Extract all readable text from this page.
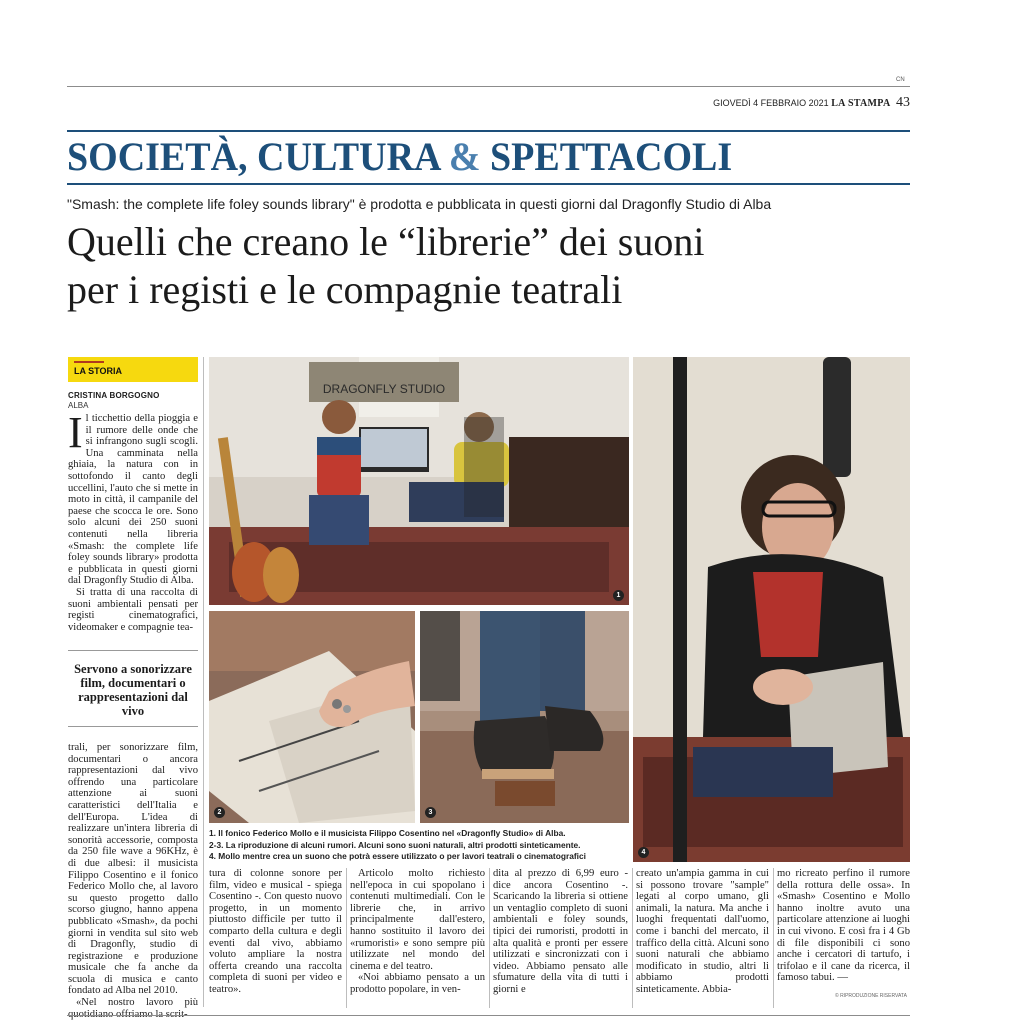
CN
GIOVEDÌ 4 FEBBRAIO 2021 LA STAMPA 43
SOCIETÀ, CULTURA & SPETTACOLI
"Smash: the complete life foley sounds library" è prodotta e pubblicata in questi giorni dal Dragonfly Studio di Alba
Quelli che creano le “librerie” dei suoni
per i registi e le compagnie teatrali
LA STORIA
CRISTINA BORGOGNO
ALBA
I l ticchettio della pioggia e il rumore delle onde che si infrangono sugli scogli. Una camminata nella ghiaia, la natura con in sottofondo il canto degli uccellini, l'auto che si mette in moto in città, il campanile del paese che scocca le ore. Sono solo alcuni dei 250 suoni contenuti nella libreria «Smash: the complete life foley sounds library» prodotta e pubblicata in questi giorni dal Dragonfly Studio di Alba.

Si tratta di una raccolta di suoni ambientali pensati per registi cinematografici, videomaker e compagnie tea-

Servono a sonorizzare film, documentari o rappresentazioni dal vivo

trali, per sonorizzare film, documentari o ancora rappresentazioni dal vivo offrendo una particolare attenzione ai suoni caratteristici dell'Italia e dell'Europa. L'idea di realizzare un'intera libreria di sonorità accessorie, composta da 250 file wave a 96KHz, è di due albesi: il musicista Filippo Cosentino e il fonico Federico Mollo che, al lavoro su questo progetto dallo scorso giugno, hanno appena pubblicato «Smash», da pochi giorni in vendita sul sito web di Dragonfly, studio di registrazione e produzione musicale che fa anche da scuola di musica e canto fondato ad Alba nel 2010.

«Nel nostro lavoro più quotidiano offriamo la scrit-

DRAGONFLY STUDIO
1
2	3
4
1. Il fonico Federico Mollo e il musicista Filippo Cosentino nel «Dragonfly Studio» di Alba.
2-3. La riproduzione di alcuni rumori. Alcuni sono suoni naturali, altri prodotti sinteticamente.
4. Mollo mentre crea un suono che potrà essere utilizzato o per lavori teatrali o cinematografici

tura di colonne sonore per film, video e musical - spiega Cosentino -. Con questo nuovo progetto, in un momento piuttosto difficile per tutto il comparto della cultura e degli eventi dal vivo, abbiamo voluto ampliare la nostra offerta creando una raccolta completa di suoni per video e teatro».

Articolo molto richiesto nell'epoca in cui spopolano i contenuti multimediali. Con le librerie che, in arrivo principalmente dall'estero, hanno sostituito il lavoro dei «rumoristi» e sono sempre più utilizzate nel mondo del cinema e del teatro.

«Noi abbiamo pensato a un prodotto popolare, in ven-

dita al prezzo di 6,99 euro - dice ancora Cosentino -. Scaricando la libreria si ottiene un ventaglio completo di suoni ambientali e foley sounds, tipici dei rumoristi, prodotti in alta qualità e pronti per essere utilizzati e sincronizzati con i video. Abbiamo pensato alle sfumature della vita di tutti i giorni e

creato un'ampia gamma in cui si possono trovare "sample" legati al corpo umano, gli animali, la natura. Ma anche i luoghi frequentati dall'uomo, come i banchi del mercato, il traffico della città. Alcuni sono suoni naturali che abbiamo modificato in studio, altri li abbiamo prodotti sinteticamente. Abbia-

mo ricreato perfino il rumore della rottura delle ossa». In «Smash» Cosentino e Mollo hanno inoltre avuto una particolare attenzione ai luoghi in cui vivono. E così fra i 4 Gb di file disponibili ci sono anche i cercatori di tartufo, i trifolao e il cane da ricerca, il famoso tabui. —

© RIPRODUZIONE RISERVATA
